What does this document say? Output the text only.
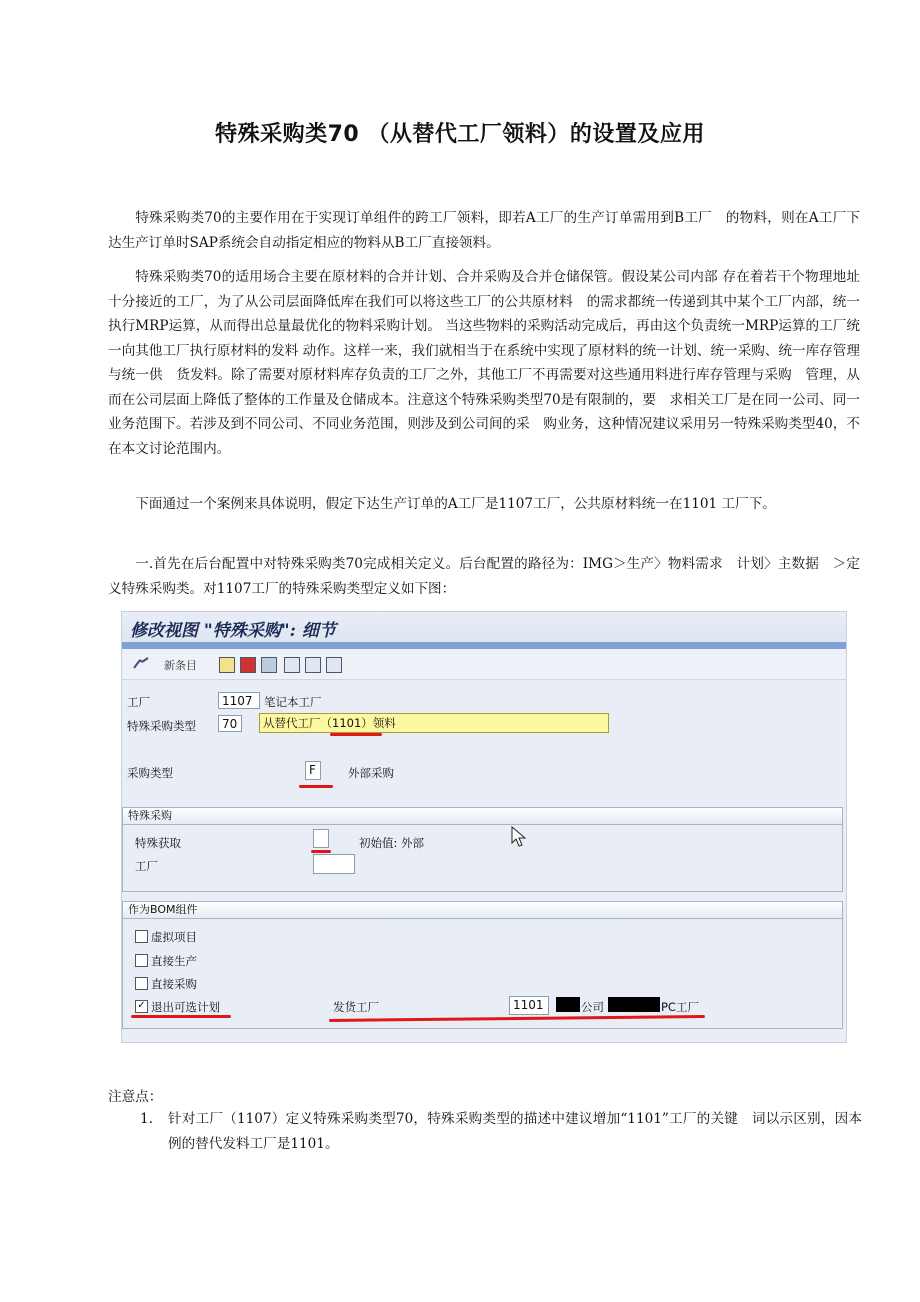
特殊采购类70 （从替代工厂领料）的设置及应用

特殊采购类70的主要作用在于实现订单组件的跨工厂领料，即若A工厂的生产订单需用到B工厂　的物料，则在A工厂下达生产订单时SAP系统会自动指定相应的物料从B工厂直接领料。

特殊采购类70的适用场合主要在原材料的合并计划、合并采购及合并仓储保管。假设某公司内部 存在着若干个物理地址十分接近的工厂，为了从公司层面降低库在我们可以将这些工厂的公共原材料　的需求都统一传递到其中某个工厂内部，统一执行MRP运算，从而得出总量最优化的物料采购计划。 当这些物料的采购活动完成后，再由这个负责统一MRP运算的工厂统一向其他工厂执行原材料的发料 动作。这样一来，我们就相当于在系统中实现了原材料的统一计划、统一采购、统一库存管理与统一供　货发料。除了需要对原材料库存负责的工厂之外，其他工厂不再需要对这些通用料进行库存管理与采购　管理，从而在公司层面上降低了整体的工作量及仓储成本。注意这个特殊采购类型70是有限制的，要　求相关工厂是在同一公司、同一业务范围下。若涉及到不同公司、不同业务范围，则涉及到公司间的采　购业务，这种情况建议采用另一特殊采购类型40，不在本文讨论范围内。

下面通过一个案例来具体说明，假定下达生产订单的A工厂是1107工厂，公共原材料统一在1101 工厂下。

一.首先在后台配置中对特殊采购类70完成相关定义。后台配置的路径为：IMG＞生产〉物料需求　计划〉主数据　＞定义特殊采购类。对1107工厂的特殊采购类型定义如下图：

修改视图 "特殊采购": 细节
新条目
工厂	1107 笔记本工厂
特殊采购类型	70	从替代工厂（1101）领料
采购类型	F	外部采购
特殊采购
特殊获取	初始值: 外部
工厂
作为BOM组件
虚拟项目
直接生产
直接采购
✓ 退出可选计划	发货工厂	1101	公司	PC工厂
注意点：
1. 针对工厂（1107）定义特殊采购类型70，特殊采购类型的描述中建议增加“1101”工厂的关键　词以示区别，因本例的替代发料工厂是1101。
